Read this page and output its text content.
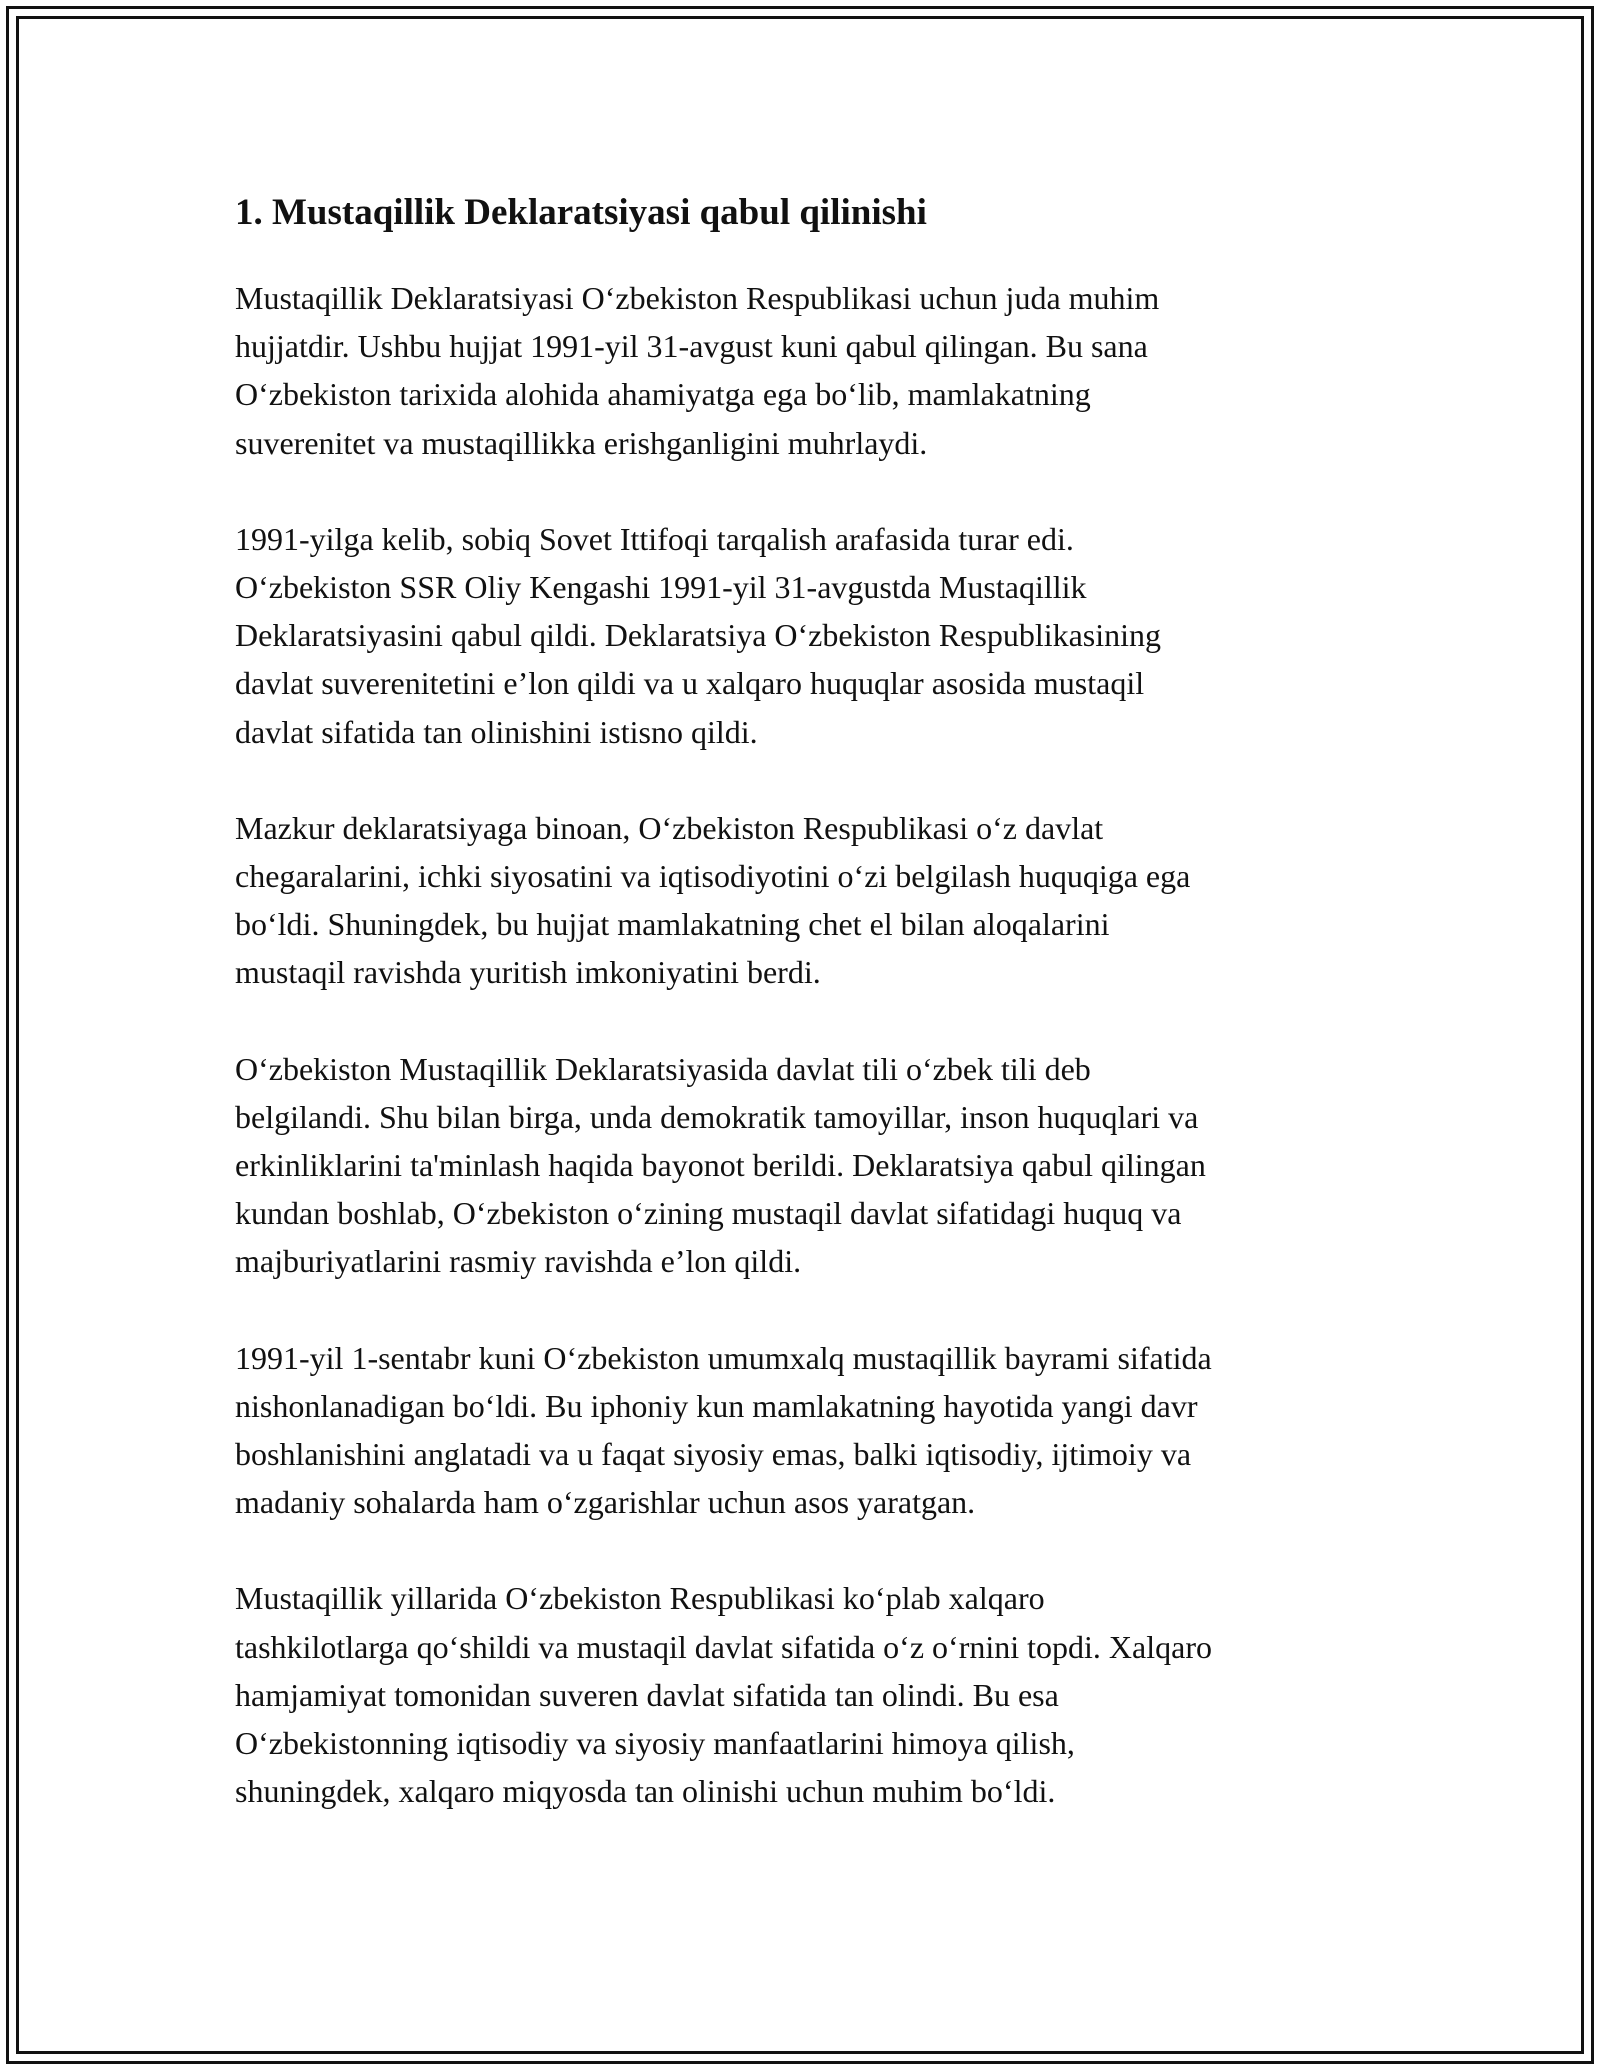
1. Mustaqillik Deklaratsiyasi qabul qilinishi

Mustaqillik Deklaratsiyasi O‘zbekiston Respublikasi uchun juda muhim
hujjatdir. Ushbu hujjat 1991-yil 31-avgust kuni qabul qilingan. Bu sana
O‘zbekiston tarixida alohida ahamiyatga ega bo‘lib, mamlakatning
suverenitet va mustaqillikka erishganligini muhrlaydi.

1991-yilga kelib, sobiq Sovet Ittifoqi tarqalish arafasida turar edi.
O‘zbekiston SSR Oliy Kengashi 1991-yil 31-avgustda Mustaqillik
Deklaratsiyasini qabul qildi. Deklaratsiya O‘zbekiston Respublikasining
davlat suverenitetini e’lon qildi va u xalqaro huquqlar asosida mustaqil
davlat sifatida tan olinishini istisno qildi.

Mazkur deklaratsiyaga binoan, O‘zbekiston Respublikasi o‘z davlat
chegaralarini, ichki siyosatini va iqtisodiyotini o‘zi belgilash huquqiga ega
bo‘ldi. Shuningdek, bu hujjat mamlakatning chet el bilan aloqalarini
mustaqil ravishda yuritish imkoniyatini berdi.

O‘zbekiston Mustaqillik Deklaratsiyasida davlat tili o‘zbek tili deb
belgilandi. Shu bilan birga, unda demokratik tamoyillar, inson huquqlari va
erkinliklarini ta'minlash haqida bayonot berildi. Deklaratsiya qabul qilingan
kundan boshlab, O‘zbekiston o‘zining mustaqil davlat sifatidagi huquq va
majburiyatlarini rasmiy ravishda e’lon qildi.

1991-yil 1-sentabr kuni O‘zbekiston umumxalq mustaqillik bayrami sifatida
nishonlanadigan bo‘ldi. Bu iphoniy kun mamlakatning hayotida yangi davr
boshlanishini anglatadi va u faqat siyosiy emas, balki iqtisodiy, ijtimoiy va
madaniy sohalarda ham o‘zgarishlar uchun asos yaratgan.

Mustaqillik yillarida O‘zbekiston Respublikasi ko‘plab xalqaro
tashkilotlarga qo‘shildi va mustaqil davlat sifatida o‘z o‘rnini topdi. Xalqaro
hamjamiyat tomonidan suveren davlat sifatida tan olindi. Bu esa
O‘zbekistonning iqtisodiy va siyosiy manfaatlarini himoya qilish,
shuningdek, xalqaro miqyosda tan olinishi uchun muhim bo‘ldi.
